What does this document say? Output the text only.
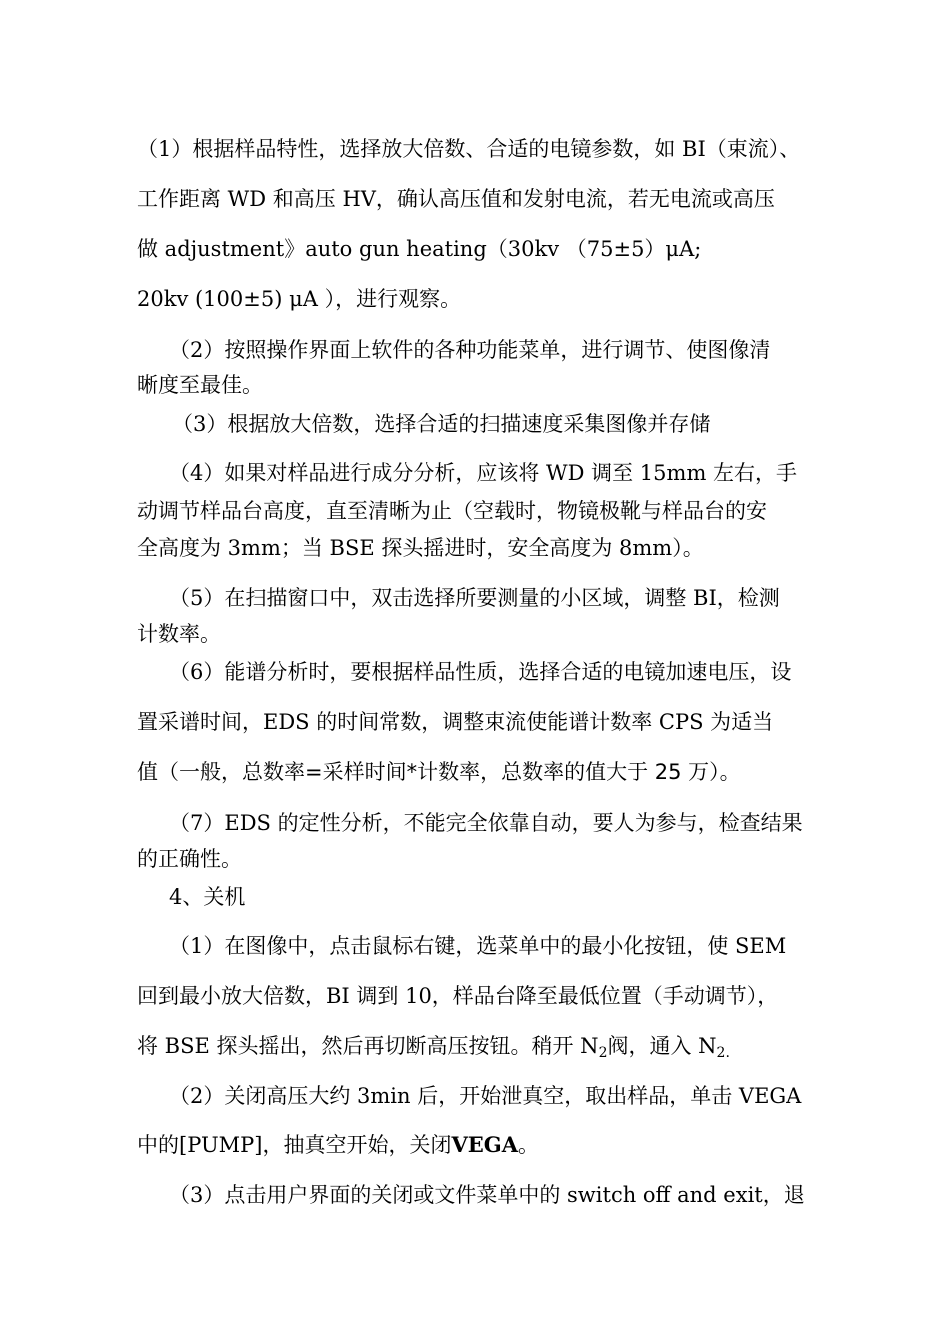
（1）根据样品特性，选择放大倍数、合适的电镜参数，如 BI（束流）、

工作距离 WD 和高压 HV，确认高压值和发射电流，若无电流或高压

做 adjustment》auto gun heating（30kv （75±5）μA;

20kv (100±5) μA ），进行观察。

（2）按照操作界面上软件的各种功能菜单，进行调节、使图像清

晰度至最佳。

（3）根据放大倍数，选择合适的扫描速度采集图像并存储

（4）如果对样品进行成分分析，应该将 WD 调至 15mm 左右，手

动调节样品台高度，直至清晰为止（空载时，物镜极靴与样品台的安

全高度为 3mm；当 BSE 探头摇进时，安全高度为 8mm）。

（5）在扫描窗口中，双击选择所要测量的小区域，调整 BI，检测

计数率。

（6）能谱分析时，要根据样品性质，选择合适的电镜加速电压，设

置采谱时间，EDS 的时间常数，调整束流使能谱计数率 CPS 为适当

值（一般，总数率=采样时间*计数率，总数率的值大于 25 万）。

（7）EDS 的定性分析，不能完全依靠自动，要人为参与，检查结果

的正确性。

4、关机

（1）在图像中，点击鼠标右键，选菜单中的最小化按钮，使 SEM

回到最小放大倍数，BI 调到 10，样品台降至最低位置（手动调节），

将 BSE 探头摇出，然后再切断高压按钮。稍开 N2阀，通入 N2.

（2）关闭高压大约 3min 后，开始泄真空，取出样品，单击 VEGA

中的[PUMP]，抽真空开始，关闭VEGA。

（3）点击用户界面的关闭或文件菜单中的 switch off and exit，退
